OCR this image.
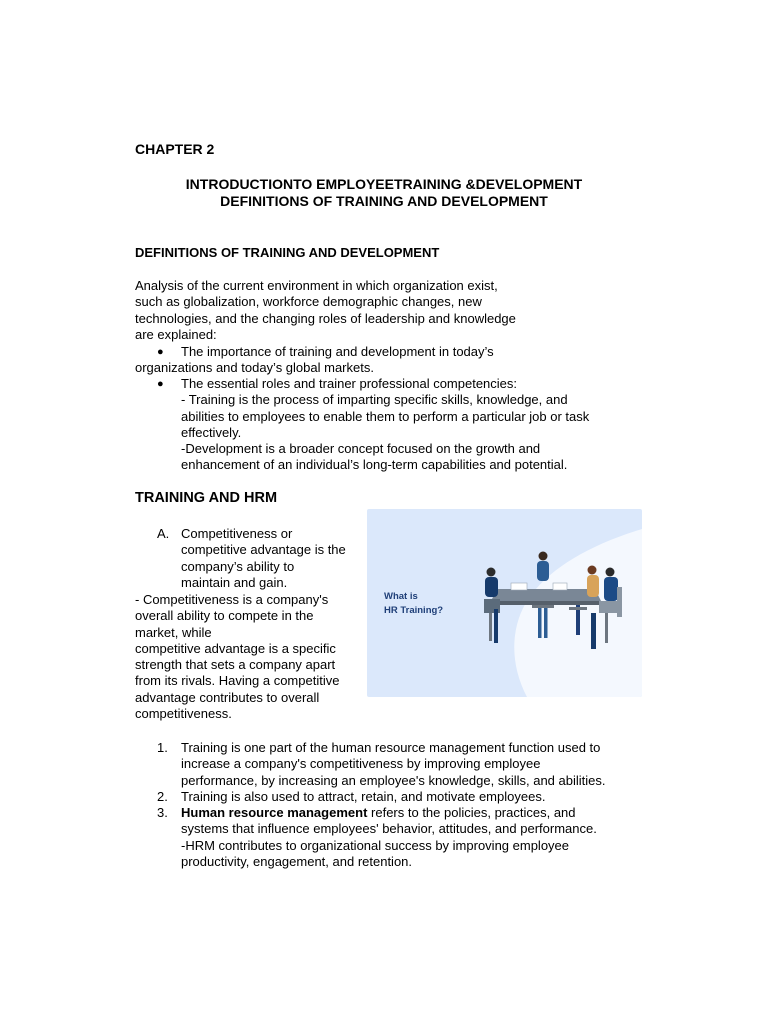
CHAPTER 2
INTRODUCTIONTO EMPLOYEETRAINING &DEVELOPMENT
DEFINITIONS OF TRAINING AND DEVELOPMENT
DEFINITIONS OF TRAINING AND DEVELOPMENT
Analysis of the current environment in which organization exist,
such as globalization, workforce demographic changes, new
technologies, and the changing roles of leadership and knowledge
are explained:
● The importance of training and development in today’s
organizations and today’s global markets.
● The essential roles and trainer professional competencies:
- Training is the process of imparting specific skills, knowledge, and
abilities to employees to enable them to perform a particular job or task
effectively.
-Development is a broader concept focused on the growth and
enhancement of an individual’s long-term capabilities and potential.
TRAINING AND HRM
A. Competitiveness or
competitive advantage is the
company’s ability to
maintain and gain.
- Competitiveness is a company's
overall ability to compete in the
market, while
competitive advantage is a specific
strength that sets a company apart
from its rivals. Having a competitive
advantage contributes to overall
competitiveness.
What is
HR Training?
1.	Training is one part of the human resource management function used to
increase a company's competitiveness by improving employee
performance, by increasing an employee's knowledge, skills, and abilities.
2.	Training is also used to attract, retain, and motivate employees.
3.	Human resource management refers to the policies, practices, and
systems that influence employees' behavior, attitudes, and performance.
-HRM contributes to organizational success by improving employee
productivity, engagement, and retention.
